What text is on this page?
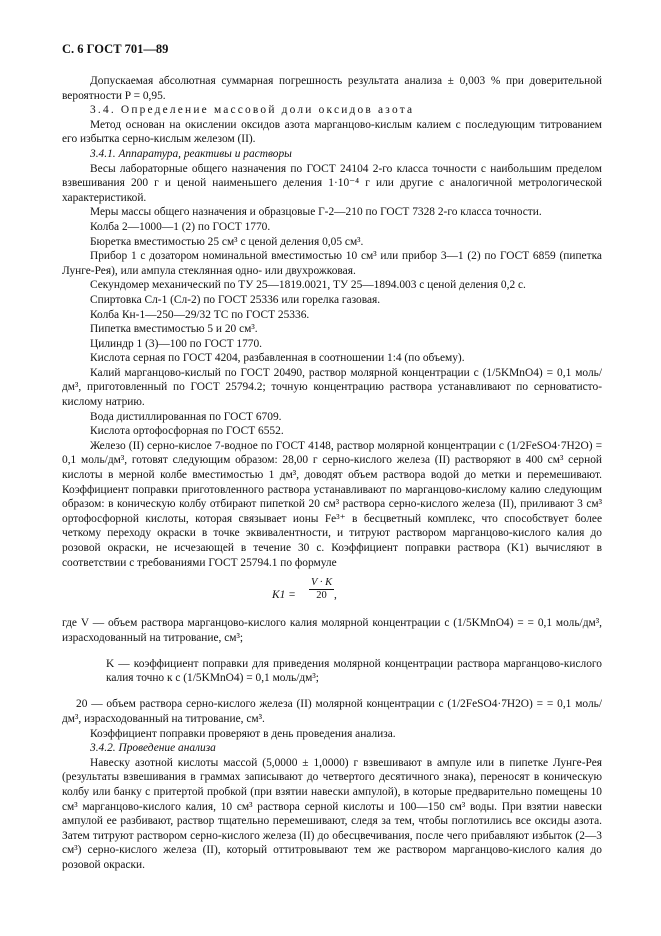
С. 6 ГОСТ 701—89

Допускаемая абсолютная суммарная погрешность результата анализа ± 0,003 % при доверительной вероятности P = 0,95.

3.4. Определение массовой доли оксидов азота

Метод основан на окислении оксидов азота марганцово-кислым калием с последующим титрованием его избытка серно-кислым железом (II).

3.4.1. Аппаратура, реактивы и растворы

Весы лабораторные общего назначения по ГОСТ 24104 2-го класса точности с наибольшим пределом взвешивания 200 г и ценой наименьшего деления 1·10⁻⁴ г или другие с аналогичной метрологической характеристикой.

Меры массы общего назначения и образцовые Г-2—210 по ГОСТ 7328 2-го класса точности.

Колба 2—1000—1 (2) по ГОСТ 1770.

Бюретка вместимостью 25 см³ с ценой деления 0,05 см³.

Прибор 1 с дозатором номинальной вместимостью 10 см³ или прибор 3—1 (2) по ГОСТ 6859 (пипетка Лунге-Рея), или ампула стеклянная одно- или двухрожковая.

Секундомер механический по ТУ 25—1819.0021, ТУ 25—1894.003 с ценой деления 0,2 с.

Спиртовка Сл-1 (Сл-2) по ГОСТ 25336 или горелка газовая.

Колба Кн-1—250—29/32 ТС по ГОСТ 25336.

Пипетка вместимостью 5 и 20 см³.

Цилиндр 1 (3)—100 по ГОСТ 1770.

Кислота серная по ГОСТ 4204, разбавленная в соотношении 1:4 (по объему).

Калий марганцово-кислый по ГОСТ 20490, раствор молярной концентрации c (1/5KMnO4) = 0,1 моль/дм³, приготовленный по ГОСТ 25794.2; точную концентрацию раствора устанавливают по серноватисто-кислому натрию.

Вода дистиллированная по ГОСТ 6709.

Кислота ортофосфорная по ГОСТ 6552.

Железо (II) серно-кислое 7-водное по ГОСТ 4148, раствор молярной концентрации c (1/2FeSO4·7H2O) = 0,1 моль/дм³, готовят следующим образом: 28,00 г серно-кислого железа (II) растворяют в 400 см³ серной кислоты в мерной колбе вместимостью 1 дм³, доводят объем раствора водой до метки и перемешивают. Коэффициент поправки приготовленного раствора устанавливают по марганцово-кислому калию следующим образом: в коническую колбу отбирают пипеткой 20 см³ раствора серно-кислого железа (II), приливают 3 см³ ортофосфорной кислоты, которая связывает ионы Fe³⁺ в бесцветный комплекс, что способствует более четкому переходу окраски в точке эквивалентности, и титруют раствором марганцово-кислого калия до розовой окраски, не исчезающей в течение 30 с. Коэффициент поправки раствора (K1) вычисляют в соответствии с требованиями ГОСТ 25794.1 по формуле

$K1 = \frac{V \cdot K}{20}$ ,

где V — объем раствора марганцово-кислого калия молярной концентрации c (1/5KMnO4) = = 0,1 моль/дм³, израсходованный на титрование, см³;

K — коэффициент поправки для приведения молярной концентрации раствора марганцово-кислого калия точно к c (1/5KMnO4) = 0,1 моль/дм³;

20 — объем раствора серно-кислого железа (II) молярной концентрации c (1/2FeSO4·7H2O) = = 0,1 моль/дм³, израсходованный на титрование, см³.

Коэффициент поправки проверяют в день проведения анализа.

3.4.2. Проведение анализа

Навеску азотной кислоты массой (5,0000 ± 1,0000) г взвешивают в ампуле или в пипетке Лунге-Рея (результаты взвешивания в граммах записывают до четвертого десятичного знака), переносят в коническую колбу или банку с притертой пробкой (при взятии навески ампулой), в которые предварительно помещены 10 см³ марганцово-кислого калия, 10 см³ раствора серной кислоты и 100—150 см³ воды. При взятии навески ампулой ее разбивают, раствор тщательно перемешивают, следя за тем, чтобы поглотились все оксиды азота. Затем титруют раствором серно-кислого железа (II) до обесцвечивания, после чего прибавляют избыток (2—3 см³) серно-кислого железа (II), который оттитровывают тем же раствором марганцово-кислого калия до розовой окраски.
